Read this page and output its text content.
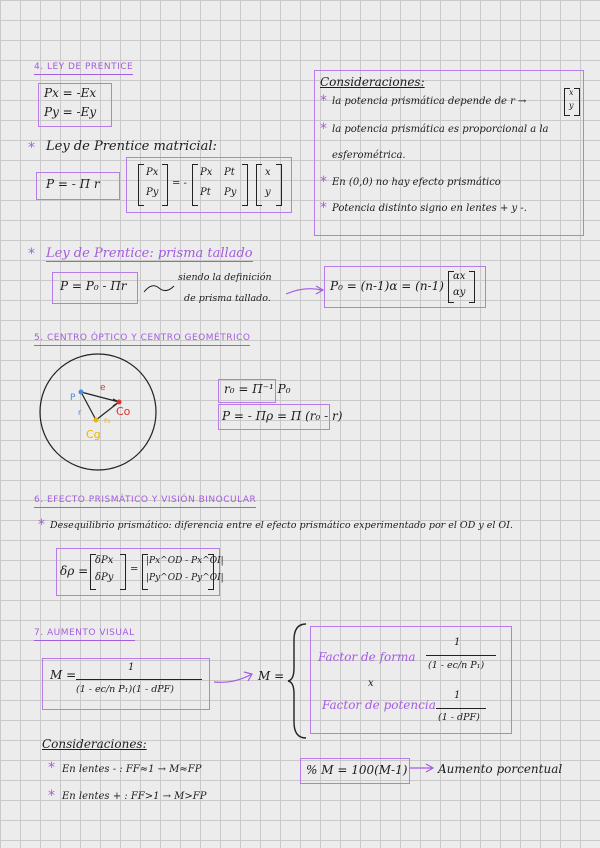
4. LEY DE PRENTICE
Px = -Ex
Py = -Ey
* Ley de Prentice matricial:
P = - Π r
Px
Py
= -
Px Pt
Pt Py
x
y
Consideraciones:
* la potencia prismática depende de r →
x
y
* la potencia prismática es proporcional a la
esferométrica.
* En (0,0) no hay efecto prismático
* Potencia distinto signo en lentes + y -.
* Ley de Prentice: prisma tallado
P = P₀ - Πr
siendo la definición
de prisma tallado.
P₀ = (n-1)α = (n-1)
αx
αy
5. CENTRO ÓPTICO Y CENTRO GEOMÉTRICO
P
e
r
r₀
Co
Cg
r₀ = Π⁻¹ P₀
P = - Πρ = Π (r₀ - r)
6. EFECTO PRISMÁTICO Y VISIÓN BINOCULAR
* Desequilibrio prismático: diferencia entre el efecto prismático experimentado por el OD y el OI.
δρ =
δPx
δPy
=
|Px^OD - Px^OI|
|Py^OD - Py^OI|
7. AUMENTO VISUAL
M =
1
(1 - ec/n P₁)(1 - dPF)
M =
Factor de forma
1
(1 - ec/n P₁)
x
Factor de potencia
1
(1 - dPF)
Consideraciones:
* En lentes - : FF≈1 → M≈FP
* En lentes + : FF>1 → M>FP
% M = 100(M-1)	Aumento porcentual
